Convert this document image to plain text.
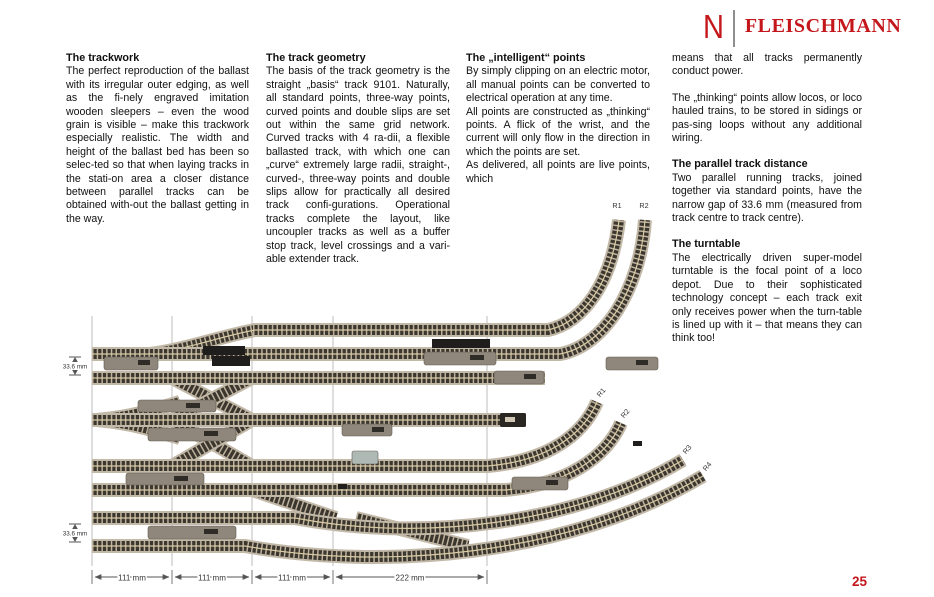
N FLEISCHMANN
The trackwork

The perfect reproduction of the ballast with its irregular outer edging, as well as the fi-nely engraved imitation wooden sleepers – even the wood grain is visible – make this trackwork especially realistic. The width and height of the ballast bed has been so selec-ted so that when laying tracks in the stati-on area a closer distance between parallel tracks can be obtained with-out the ballast getting in the way.

The track geometry

The basis of the track geometry is the straight „basis“ track 9101. Naturally, all standard points, three-way points, curved points and double slips are set out within the same grid network. Curved tracks with 4 ra-dii, a flexible ballasted track, with which one can „curve“ extremely large radii, straight-, curved-, three-way points and double slips allow for practically all desired track confi-gurations. Operational tracks complete the layout, like uncoupler tracks as well as a buffer stop track, level crossings and a vari-able extender track.

The „intelligent“ points

By simply clipping on an electric motor, all manual points can be converted to electrical operation at any time.

All points are constructed as „thinking“ points. A flick of the wrist, and the current will only flow in the direction in which the points are set.

As delivered, all points are live points, which

means that all tracks permanently conduct power.

The „thinking“ points allow locos, or loco hauled trains, to be stored in sidings or pas-sing loops without any additional wiring.

The parallel track distance

Two parallel running tracks, joined together via standard points, have the narrow gap of 33.6 mm (measured from track centre to track centre).

The turntable

The electrically driven super-model turntable is the focal point of a loco depot. Due to their sophisticated technology concept – each track exit only receives power when the turn-table is lined up with it – that means they can think too!

R1 R2
R1
R2
R3
R4
33.6 mm
33.6 mm
111 mm	111 mm	111 mm	222 mm	25
